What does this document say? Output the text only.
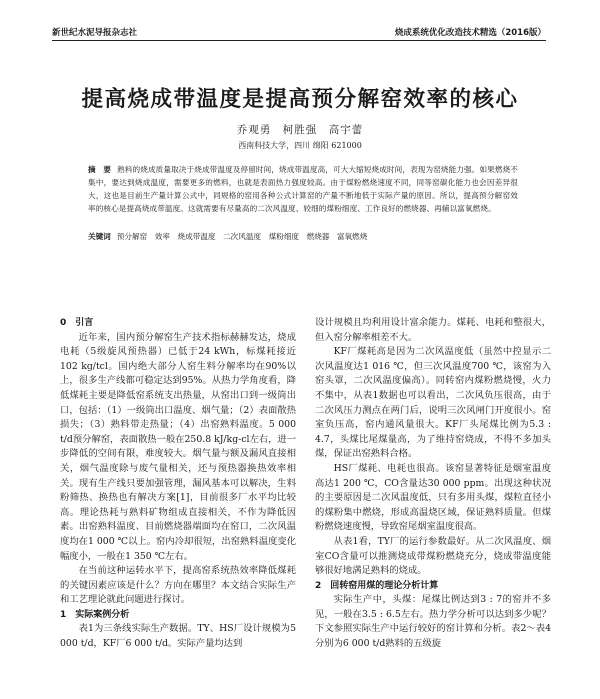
新世纪水泥导报杂志社	烧成系统优化改造技术精选（2016版）
提高烧成带温度是提高预分解窑效率的核心
乔观勇　柯胜强　高宇蕾
西南科技大学，四川 绵阳 621000
摘　要 熟料的烧成质量取决于烧成带温度及停留时间，烧成带温度高，可大大缩短烧成时间，表现为窑烧能力强。如果燃烧不集中，要达到烧成温度，需要更多的燃料，也就是表面热力强度较高。由于煤粉燃烧速度不同，同等窑碳化能力也会因差异很大，这也是目前生产量计算公式中，同规格的窑用各种公式计算窑的产量不断地低于实际产量的原因。所以，提高预分解窑效率的核心是提高烧成带温度。这就需要有尽量高的二次风温度、较细的煤粉细度、工作良好的燃烧器、再辅以富氧燃烧。
关键词 预分解窑　效率　烧成带温度　二次风温度　煤粉细度　燃烧器　富氧燃烧

0　引言

近年来，国内预分解窑生产技术指标赫赫发达，烧成电耗（5级旋风预热器）已低于24 kWh，标煤耗接近102 kg/tcl。国内绝大部分人窑生料分解率均在90%以上，很多生产线都可稳定达到95%。从热力学角度看，降低煤耗主要是降低窑系统支出热量，从窑出口到一级筒出口，包括：（1）一级筒出口温度、烟气量；（2）表面散热损失；（3）熟料带走热量；（4）出窑熟料温度。5 000 t/d预分解窑，表面散热一般在250.8 kJ/kg-cl左右，进一步降低的空间有限，难度较大。烟气量与额及漏风直接相关，烟气温度除与废气量相关，还与预热器换热效率相关。现有生产线只要加强管理，漏风基本可以解决，生料粉筛热、换热也有解决方案[1]，目前很多厂水平均比较高。理论热耗与熟料矿物组成直接相关，不作为降低因素。出窑熟料温度、目前燃烧器端面均在窑口，二次风温度均在1 000 ℃以上。窑内冷却很短，出窑熟料温度变化幅度小，一般在1 350 ℃左右。

在当前这种运转水平下，提高窑系统热效率降低煤耗的关键因素应该是什么？方向在哪里？本文结合实际生产和工艺理论就此问题进行探讨。

1　实际案例分析

表1为三条线实际生产数据。TY、HS厂设计规模为5 000 t/d，KF厂6 000 t/d。实际产量均达到

设计规模且均利用设计富余能力。煤耗、电耗和整很大，但入窑分解率相差不大。

KF厂煤耗高是因为二次风温度低（虽然中控显示二次风温度达1 016 ℃，但三次风温度700 ℃，该窑为入窑头罩，二次风温度偏高）。同转窑内煤粉燃烧慢，火力不集中，从表1数据也可以看出，二次风负压很高，由于二次风压力测点在两门后，说明三次风闸门开度很小。窑室负压高，窑内通风量很大。KF厂头尾煤比例为5.3 : 4.7，头煤比尾煤量高，为了维持窑烧成，不得不多加头煤，保证出窑熟料合格。

HS厂煤耗、电耗也很高。该窑显著特征是烟室温度高达1 200 ℃，CO含量达30 000 ppm。出现这种状况的主要原因是二次风温度低，只有多用头煤，煤粒直径小的煤粉集中燃烧，形成高温烧区域，保证熟料质量。但煤粉燃烧速度慢，导致窑尾烟室温度很高。

从表1看，TY厂的运行参数最好。从二次风温度、烟室CO含量可以推测烧成带煤粉燃烧充分，烧成带温度能够很好地满足熟料的烧成。

2　回转窑用煤的理论分析计算

实际生产中，头煤：尾煤比例达到3 : 7的窑并不多见，一般在3.5 : 6.5左右。热力学分析可以达到多少呢？下文参照实际生产中运行较好的窑计算和分析。表2～表4分别为6 000 t/d熟料的五级旋
